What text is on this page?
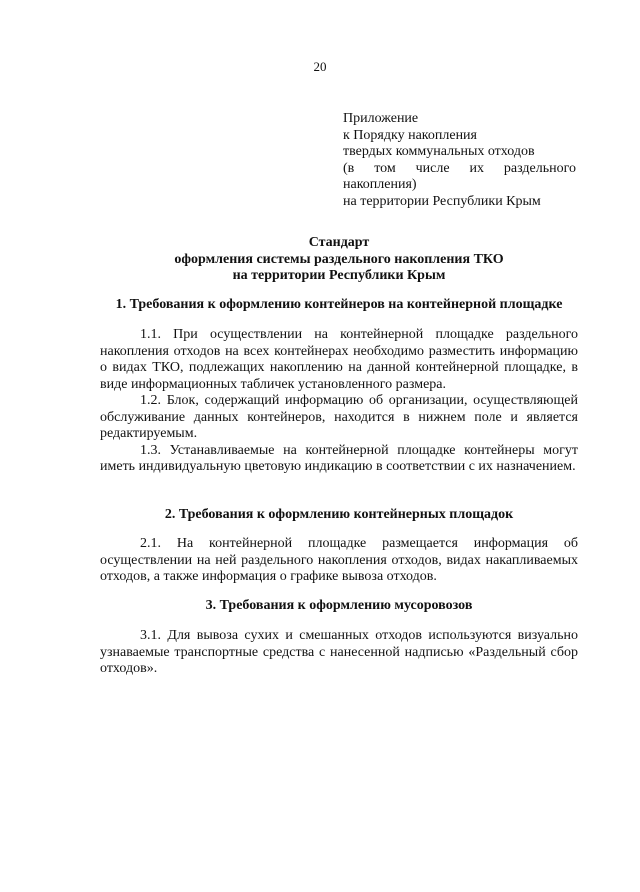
20
Приложение
к Порядку накопления
твердых коммунальных отходов
(в том числе их раздельного
накопления)
на территории Республики Крым
Стандарт
оформления системы раздельного накопления ТКО
на территории Республики Крым
1. Требования к оформлению контейнеров на контейнерной площадке
1.1. При осуществлении на контейнерной площадке раздельного накопления отходов на всех контейнерах необходимо разместить информацию о видах ТКО, подлежащих накоплению на данной контейнерной площадке, в виде информационных табличек установленного размера.
1.2. Блок, содержащий информацию об организации, осуществляющей обслуживание данных контейнеров, находится в нижнем поле и является редактируемым.
1.3. Устанавливаемые на контейнерной площадке контейнеры могут иметь индивидуальную цветовую индикацию в соответствии с их назначением.
2. Требования к оформлению контейнерных площадок
2.1. На контейнерной площадке размещается информация об осуществлении на ней раздельного накопления отходов, видах накапливаемых отходов, а также информация о графике вывоза отходов.
3. Требования к оформлению мусоровозов
3.1. Для вывоза сухих и смешанных отходов используются визуально узнаваемые транспортные средства с нанесенной надписью «Раздельный сбор отходов».
